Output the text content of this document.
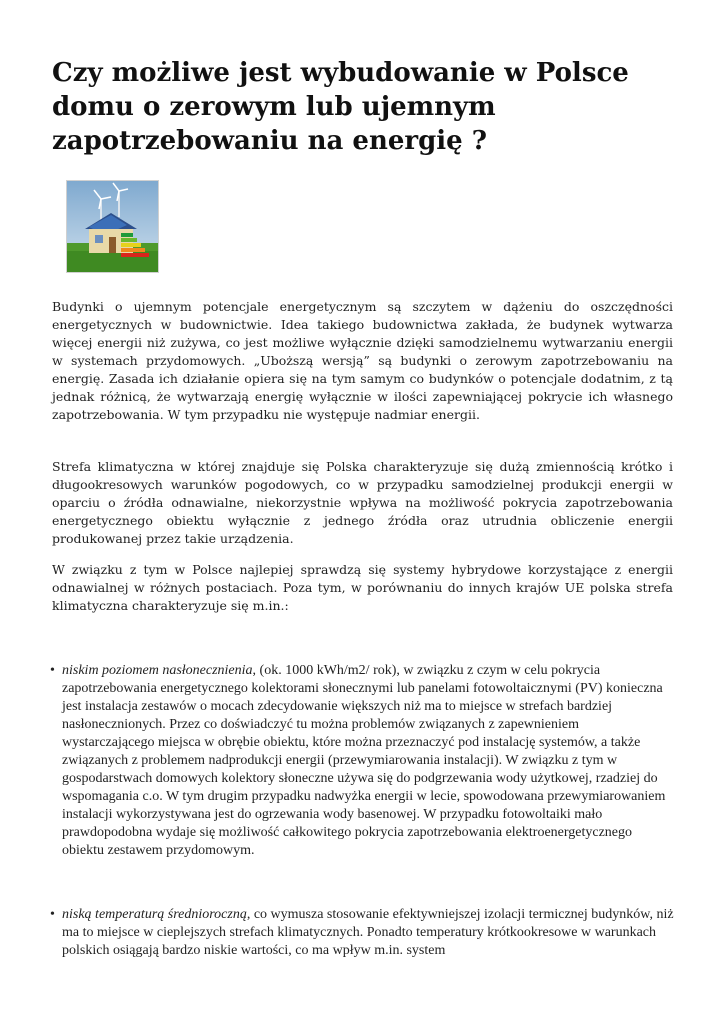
Czy możliwe jest wybudowanie w Polsce domu o zerowym lub ujemnym zapotrzebowaniu na energię ?

Budynki o ujemnym potencjale energetycznym są szczytem w dążeniu do oszczędności energetycznych w budownictwie. Idea takiego budownictwa zakłada, że budynek wytwarza więcej energii niż zużywa, co jest możliwe wyłącznie dzięki samodzielnemu wytwarzaniu energii w systemach przydomowych. „Uboższą wersją” są budynki o zerowym zapotrzebowaniu na energię. Zasada ich działanie opiera się na tym samym co budynków o potencjale dodatnim, z tą jednak różnicą, że wytwarzają energię wyłącznie w ilości zapewniającej pokrycie ich własnego zapotrzebowania. W tym przypadku nie występuje nadmiar energii.

Strefa klimatyczna w której znajduje się Polska charakteryzuje się dużą zmiennością krótko i długookresowych warunków pogodowych, co w przypadku samodzielnej produkcji energii w oparciu o źródła odnawialne, niekorzystnie wpływa na możliwość pokrycia zapotrzebowania energetycznego obiektu wyłącznie z jednego źródła oraz utrudnia obliczenie energii produkowanej przez takie urządzenia.

W związku z tym w Polsce najlepiej sprawdzą się systemy hybrydowe korzystające z energii odnawialnej w różnych postaciach. Poza tym, w porównaniu do innych krajów UE polska strefa klimatyczna charakteryzuje się m.in.:

• niskim poziomem nasłonecznienia, (ok. 1000 kWh/m2/ rok), w związku z czym w celu pokrycia zapotrzebowania energetycznego kolektorami słonecznymi lub panelami fotowoltaicznymi (PV) konieczna jest instalacja zestawów o mocach zdecydowanie większych niż ma to miejsce w strefach bardziej nasłonecznionych. Przez co doświadczyć tu można problemów związanych z zapewnieniem wystarczającego miejsca w obrębie obiektu, które można przeznaczyć pod instalację systemów, a także związanych z problemem nadprodukcji energii (przewymiarowania instalacji). W związku z tym w gospodarstwach domowych kolektory słoneczne używa się do podgrzewania wody użytkowej, rzadziej do wspomagania c.o. W tym drugim przypadku nadwyżka energii w lecie, spowodowana przewymiarowaniem instalacji wykorzystywana jest do ogrzewania wody basenowej. W przypadku fotowoltaiki mało prawdopodobna wydaje się możliwość całkowitego pokrycia zapotrzebowania elektroenergetycznego obiektu zestawem przydomowym.

• niską temperaturą średnioroczną, co wymusza stosowanie efektywniejszej izolacji termicznej budynków, niż ma to miejsce w cieplejszych strefach klimatycznych. Ponadto temperatury krótkookresowe w warunkach polskich osiągają bardzo niskie wartości, co ma wpływ m.in. system
